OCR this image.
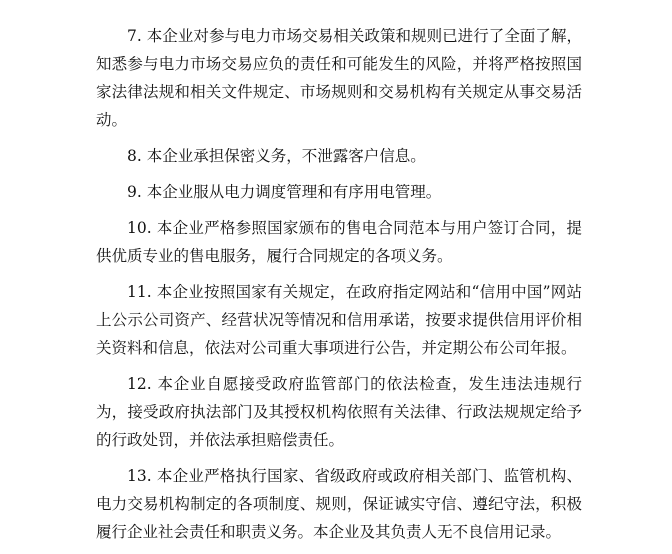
7. 本企业对参与电力市场交易相关政策和规则已进行了全面了解，知悉参与电力市场交易应负的责任和可能发生的风险，并将严格按照国家法律法规和相关文件规定、市场规则和交易机构有关规定从事交易活动。

8. 本企业承担保密义务，不泄露客户信息。

9. 本企业服从电力调度管理和有序用电管理。

10. 本企业严格参照国家颁布的售电合同范本与用户签订合同，提供优质专业的售电服务，履行合同规定的各项义务。

11. 本企业按照国家有关规定，在政府指定网站和“信用中国”网站上公示公司资产、经营状况等情况和信用承诺，按要求提供信用评价相关资料和信息，依法对公司重大事项进行公告，并定期公布公司年报。

12. 本企业自愿接受政府监管部门的依法检查，发生违法违规行为，接受政府执法部门及其授权机构依照有关法律、行政法规规定给予的行政处罚，并依法承担赔偿责任。

13. 本企业严格执行国家、省级政府或政府相关部门、监管机构、电力交易机构制定的各项制度、规则，保证诚实守信、遵纪守法，积极履行企业社会责任和职责义务。本企业及其负责人无不良信用记录。
